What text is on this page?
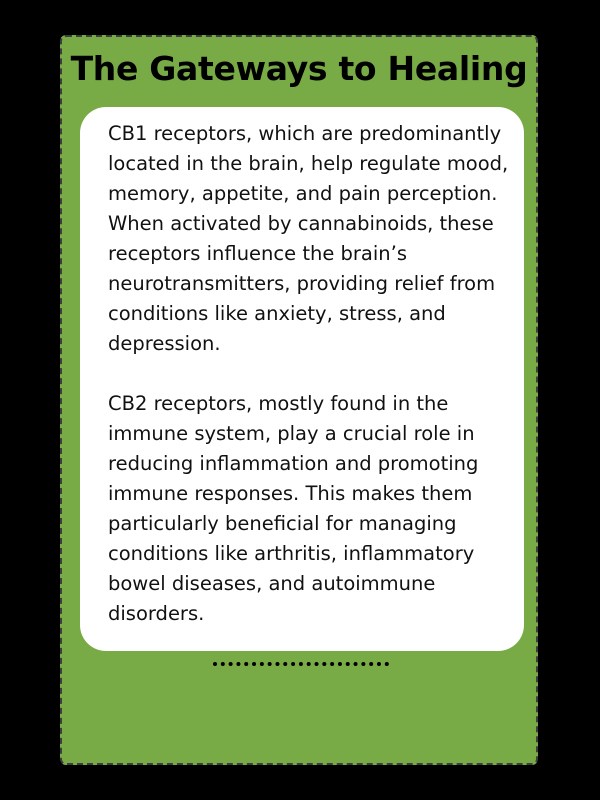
The Gateways to Healing

CB1 receptors, which are predominantly located in the brain, help regulate mood, memory, appetite, and pain perception. When activated by cannabinoids, these receptors influence the brain’s neurotransmitters, providing relief from conditions like anxiety, stress, and depression.

CB2 receptors, mostly found in the immune system, play a crucial role in reducing inflammation and promoting immune responses. This makes them particularly beneficial for managing conditions like arthritis, inflammatory bowel diseases, and autoimmune disorders.
